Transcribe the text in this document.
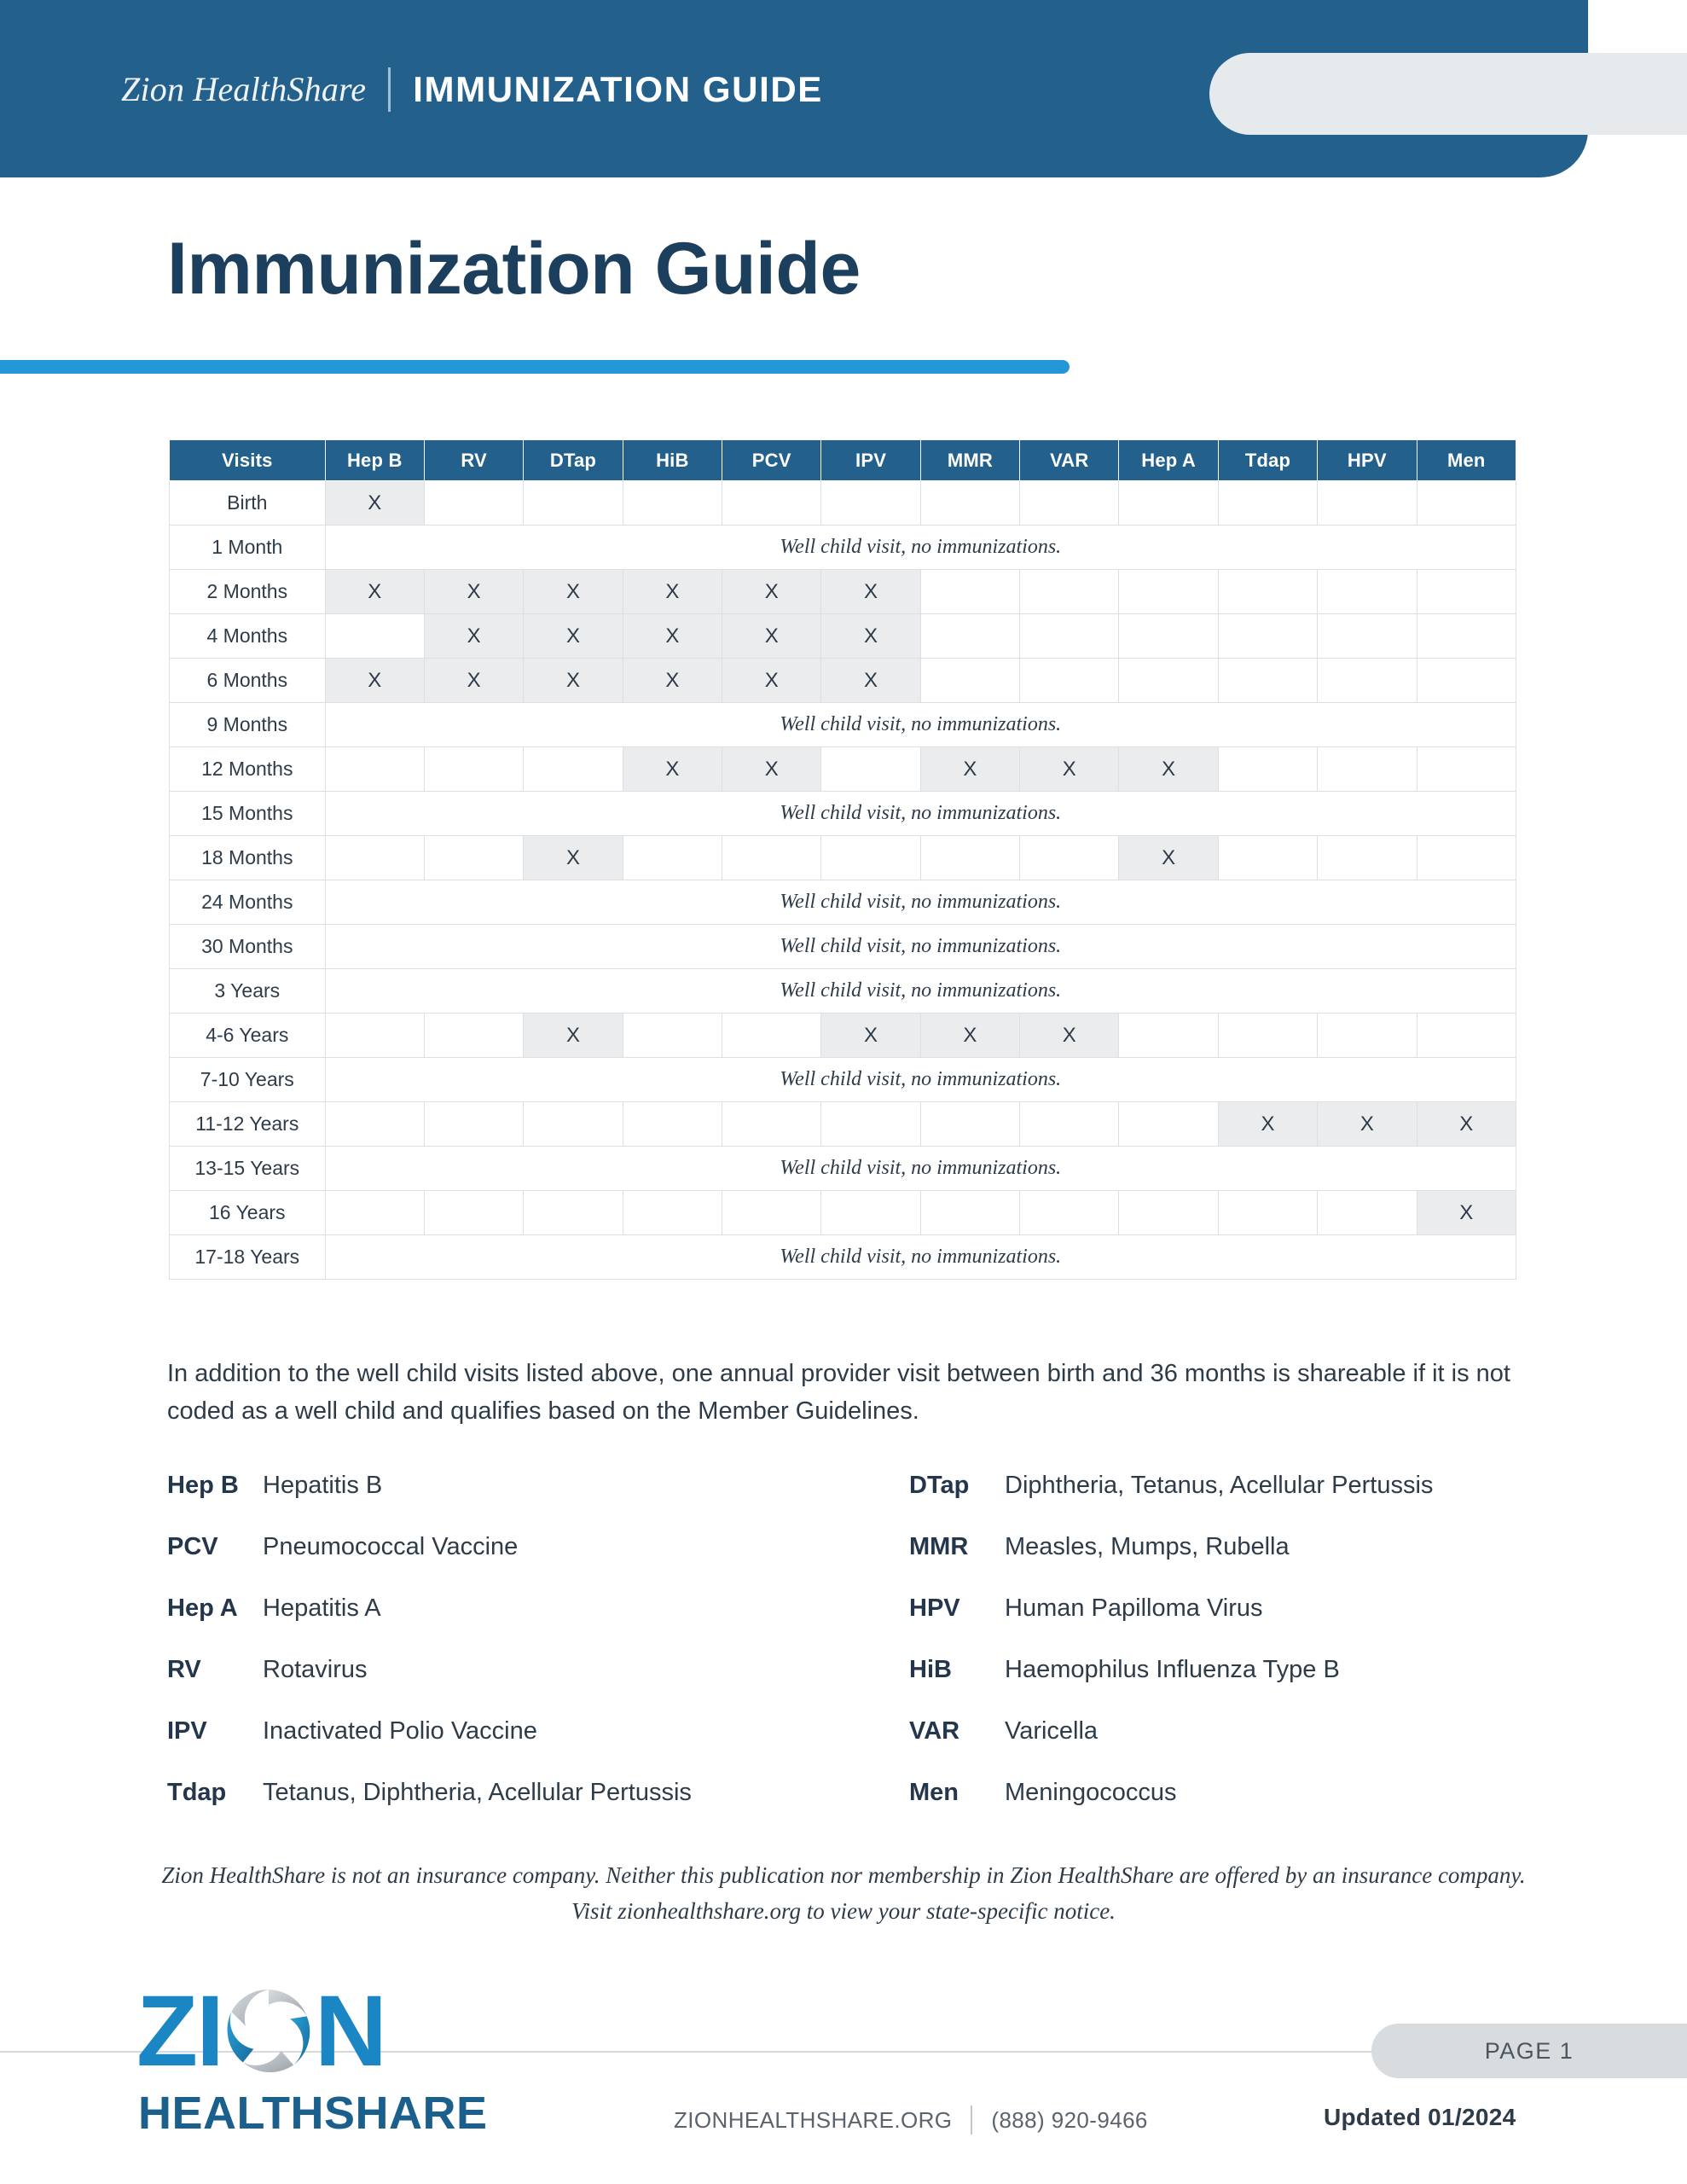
Zion HealthShare IMMUNIZATION GUIDE
Immunization Guide
Visits	Hep B	RV	DTap	HiB	PCV	IPV	MMR	VAR	Hep A	Tdap	HPV	Men
Birth	X											
1 Month	Well child visit, no immunizations.											
2 Months	X	X	X	X	X	X						
4 Months		X	X	X	X	X						
6 Months	X	X	X	X	X	X						
9 Months	Well child visit, no immunizations.											
12 Months				X	X		X	X	X			
15 Months	Well child visit, no immunizations.											
18 Months			X						X			
24 Months	Well child visit, no immunizations.											
30 Months	Well child visit, no immunizations.											
3 Years	Well child visit, no immunizations.											
4-6 Years			X			X	X	X				
7-10 Years	Well child visit, no immunizations.											
11-12 Years										X	X	X
13-15 Years	Well child visit, no immunizations.											
16 Years												X
17-18 Years	Well child visit, no immunizations.											
In addition to the well child visits listed above, one annual provider visit between birth and 36 months is shareable if it is not coded as a well child and qualifies based on the Member Guidelines.
Hep B Hepatitis B	DTap	Diphtheria, Tetanus, Acellular Pertussis
PCV	Pneumococcal Vaccine	MMR	Measles, Mumps, Rubella
Hep A	Hepatitis A	HPV	Human Papilloma Virus
RV	Rotavirus	HiB	Haemophilus Influenza Type B
IPV	Inactivated Polio Vaccine	VAR	Varicella
Tdap	Tetanus, Diphtheria, Acellular Pertussis	Men	Meningococcus
Zion HealthShare is not an insurance company. Neither this publication nor membership in Zion HealthShare are offered by an insurance company. Visit zionhealthshare.org to view your state-specific notice.
PAGE 1
Z I N
HEALTHSHARE	ZIONHEALTHSHARE.ORG (888) 920-9466	Updated 01/2024
